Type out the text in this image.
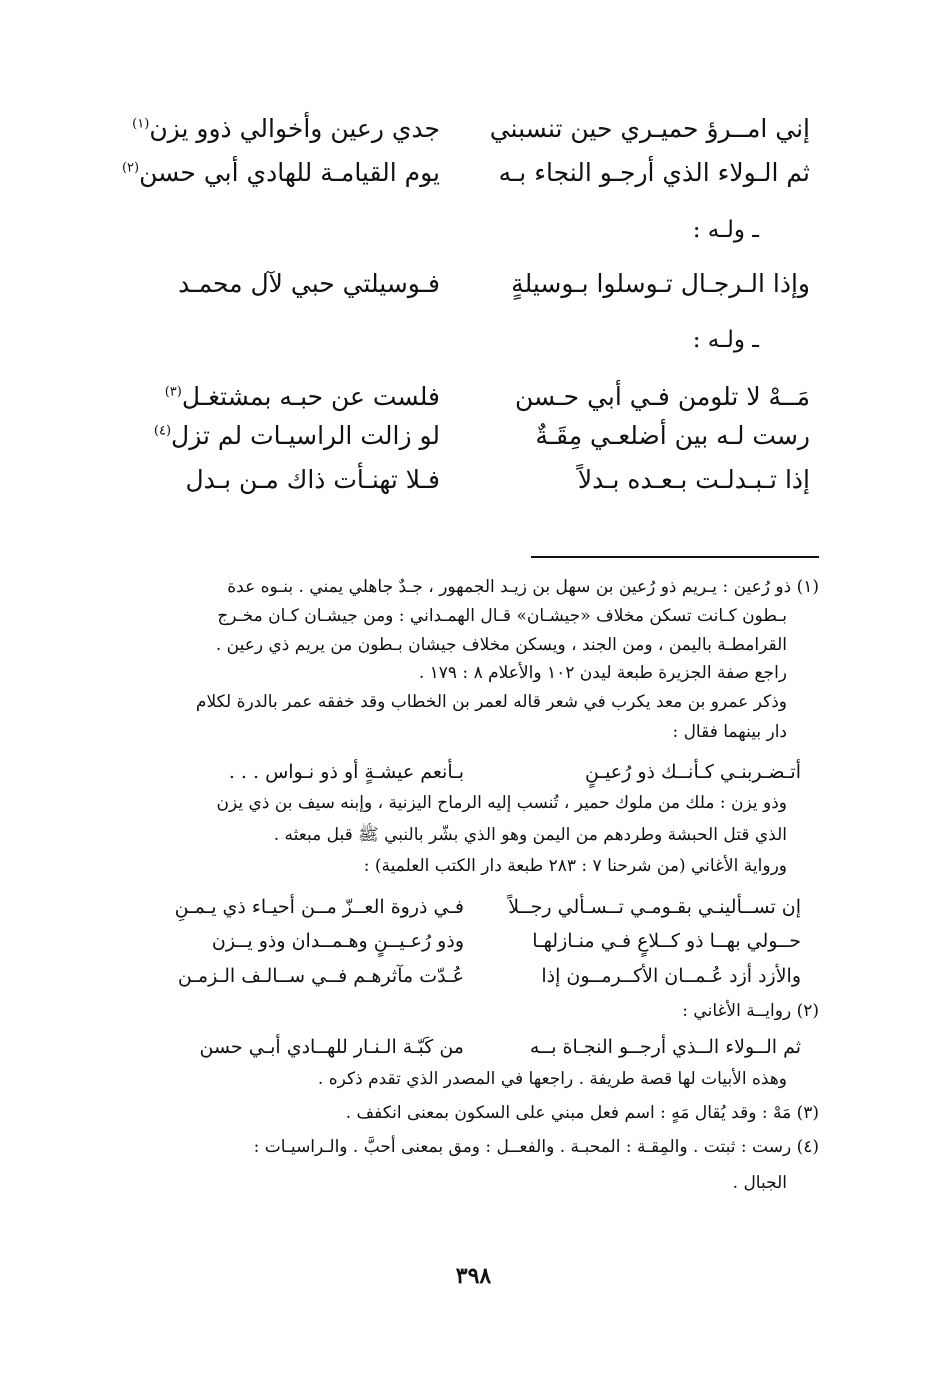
إني امــرؤ حميـري حين تنسبني
جدي رعين وأخوالي ذوو يزن$^{(١)}$
ثم الـولاء الذي أرجـو النجاء بـه
يوم القيامـة للهادي أبي حسن$^{(٢)}$
ـ ولـه :
وإذا الـرجـال تـوسلوا بـوسيلةٍ
فـوسيلتي حبي لآل محمـد
ـ ولـه :
مَــهْ لا تلومن فـي أبي حـسن
فلست عن حبـه بمشتغـل$^{(٣)}$
رست لـه بين أضلعـي مِقَـةٌ
لو زالت الراسيـات لم تزل$^{(٤)}$
إذا تـبـدلـت بـعـده بـدلاً
فـلا تهنـأت ذاك مـن بـدل
(١) ذو رُعين : يـريم ذو رُعين بن سهل بن زيـد الجمهور ، جـدٌ جاهلي يمني . بنـوه عدة
بـطون كـانت تسكن مخلاف «جيشـان» قـال الهمـداني : ومن جيشـان كـان مخـرج
القرامطـة باليمن ، ومن الجند ، ويسكن مخلاف جيشان بـطون من يريم ذي رعين .
راجع صفة الجزيرة طبعة ليدن ١٠٢ والأعلام ٨ : ١٧٩ .
وذكر عمرو بن معد يكرب في شعر قاله لعمر بن الخطاب وقد خفقه عمر بالدرة لكلام
دار بينهما فقال :
أتـضـربنـي كـأنــك ذو رُعيـنٍ
بـأنعم عيشـةٍ أو ذو نـواس . . .
وذو يزن : ملك من ملوك حمير ، تُنسب إليه الرماح اليزنية ، وإبنه سيف بن ذي يزن
الذي قتل الحبشة وطردهم من اليمن وهو الذي بشّر بالنبي ﷺ قبل مبعثه .
ورواية الأغاني (من شرحنا ٧ : ٢٨٣ طبعة دار الكتب العلمية) :
إن تســألينـي بقـومـي تــسـألي رجــلاً
فـي ذروة العــزّ مــن أحيـاء ذي يـمـنِ
حــولي بهــا ذو كــلاعٍ فـي منـازلهـا
وذو رُعـيــنٍ وهـمــدان وذو يــزن
والأزد أزد عُـمــان الأكــرمــون إذا
عُـدّت مآثرهـم فــي ســالـف الـزمـن
(٢) روايــة الأغاني :
ثم الــولاء الــذي أرجــو النجـاة بــه
من كَبّـة الـنـار للهــادي أبـي حسن
وهذه الأبيات لها قصة طريفة . راجعها في المصدر الذي تقدم ذكره .
(٣) مَهْ : وقد يُقال مَهٍ : اسم فعل مبني على السكون بمعنى انكفف .
(٤) رست : ثبتت . والمِقـة : المحبـة . والفعــل : ومق بمعنى أحبَّ . والـراسيـات :
الجبال .
٣٩٨
